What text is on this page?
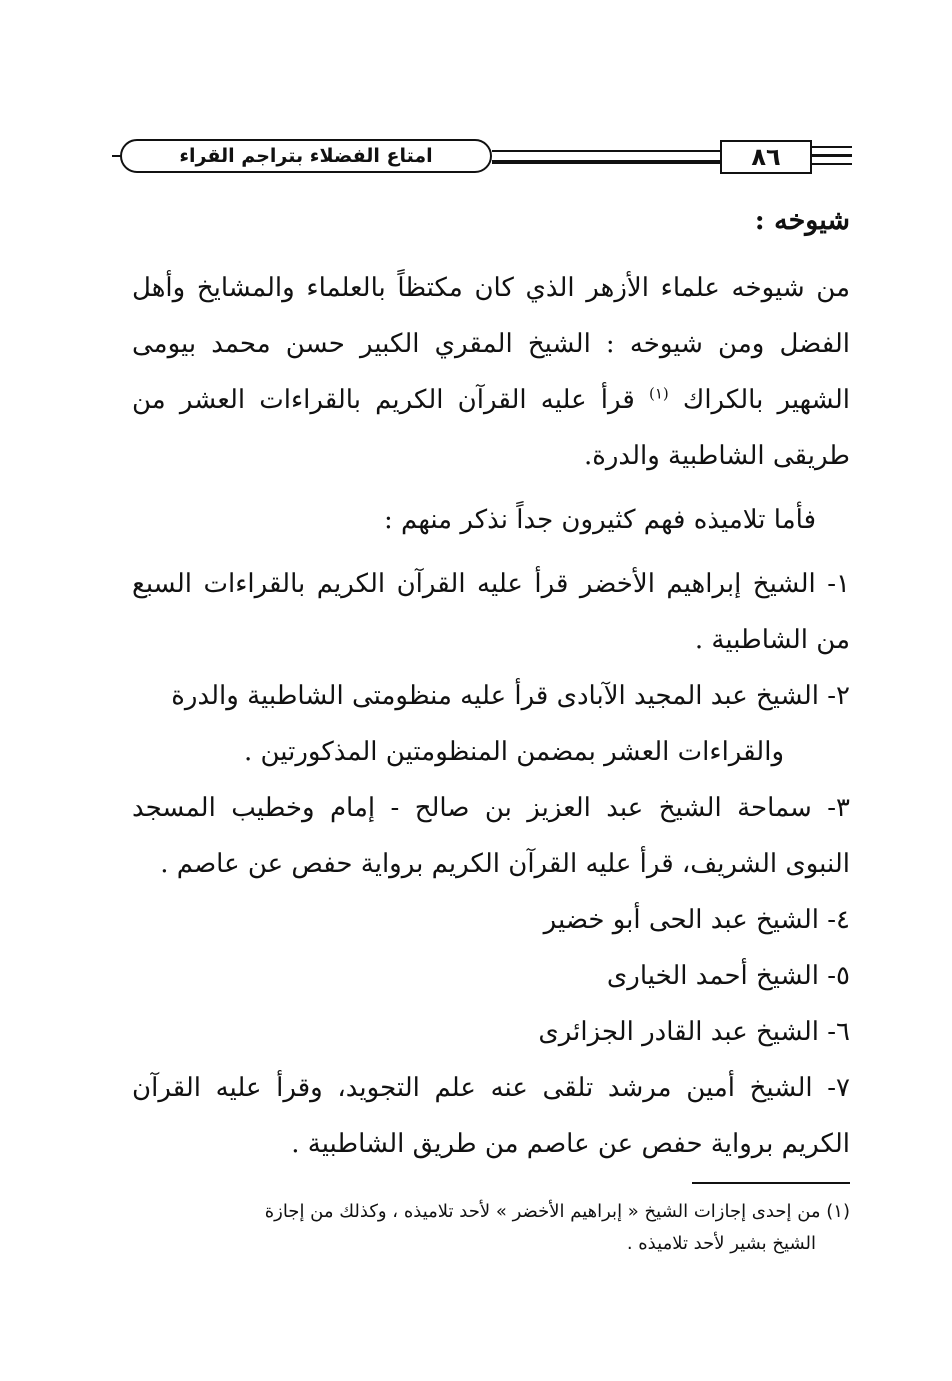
امتاع الفضلاء بتراجم القراء	٨٦
شيوخه :
من شيوخه علماء الأزهر الذي كان مكتظاً بالعلماء والمشايخ وأهل الفضل ومن شيوخه : الشيخ المقري الكبير حسن محمد بيومى الشهير بالكراك $^{(١)}$ قرأ عليه القرآن الكريم بالقراءات العشر من طريقى الشاطبية والدرة.
فأما تلاميذه فهم كثيرون جداً نذكر منهم :
١- الشيخ إبراهيم الأخضر قرأ عليه القرآن الكريم بالقراءات السبع من الشاطبية .
٢- الشيخ عبد المجيد الآبادى قرأ عليه منظومتى الشاطبية والدرة
والقراءات العشر بمضمن المنظومتين المذكورتين .
٣- سماحة الشيخ عبد العزيز بن صالح - إمام وخطيب المسجد النبوى الشريف، قرأ عليه القرآن الكريم برواية حفص عن عاصم .
٤- الشيخ عبد الحى أبو خضير
٥- الشيخ أحمد الخيارى
٦- الشيخ عبد القادر الجزائرى
٧- الشيخ أمين مرشد تلقى عنه علم التجويد، وقرأ عليه القرآن الكريم برواية حفص عن عاصم من طريق الشاطبية .
(١) من إحدى إجازات الشيخ « إبراهيم الأخضر » لأحد تلاميذه ، وكذلك من إجازة
الشيخ بشير لأحد تلاميذه .
